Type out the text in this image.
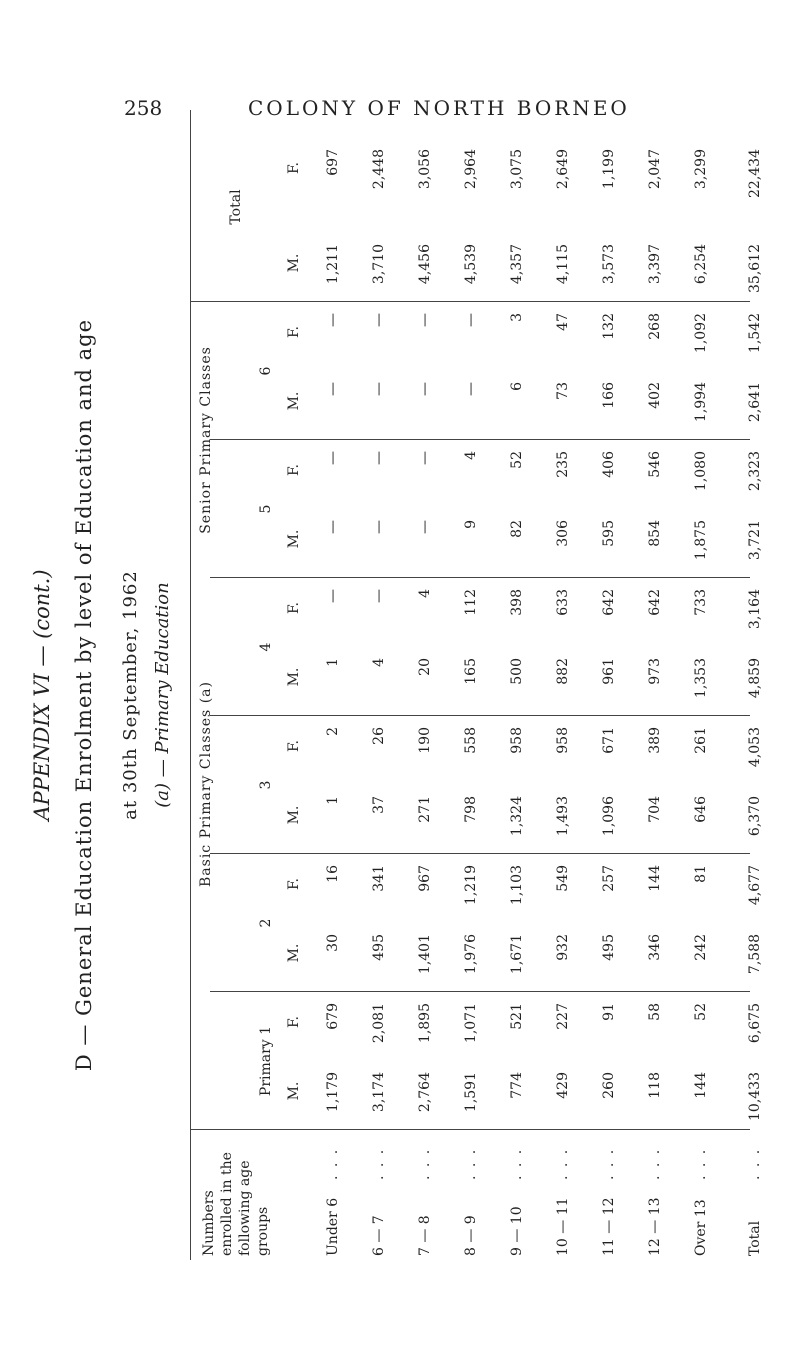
258	COLONY OF NORTH BORNEO
APPENDIX VI — (cont.) D — General Education Enrolment by level of Education and age at 30th September, 1962 (a) — Primary Education
Numbers enrolled in the following age groups
Basic Primary Classes (a)
Senior Primary Classes
Total
Primary 1
2
3
4
5
6
M.
F.
M.
F.
M.
F.
M.
F.
M.
F.
M.
F.
M.
F.
Under 6
. . .
1,179
679
30
16
1
2
1
—
—
—
—
—
1,211
697
6 — 7
. . .
3,174
2,081
495
341
37
26
4
—
—
—
—
—
3,710
2,448
7 — 8
. . .
2,764
1,895
1,401
967
271
190
20
4
—
—
—
—
4,456
3,056
8 — 9
. . .
1,591
1,071
1,976
1,219
798
558
165
112
9
4
—
—
4,539
2,964
9 — 10
. . .
774
521
1,671
1,103
1,324
958
500
398
82
52
6
3
4,357
3,075
10 — 11
. . .
429
227
932
549
1,493
958
882
633
306
235
73
47
4,115
2,649
11 — 12
. . .
260
91
495
257
1,096
671
961
642
595
406
166
132
3,573
1,199
12 — 13
. . .
118
58
346
144
704
389
973
642
854
546
402
268
3,397
2,047
Over 13
. . .
144
52
242
81
646
261
1,353
733
1,875
1,080
1,994
1,092
6,254
3,299
Total
. . .
10,433
6,675
7,588
4,677
6,370
4,053
4,859
3,164
3,721
2,323
2,641
1,542
35,612
22,434
